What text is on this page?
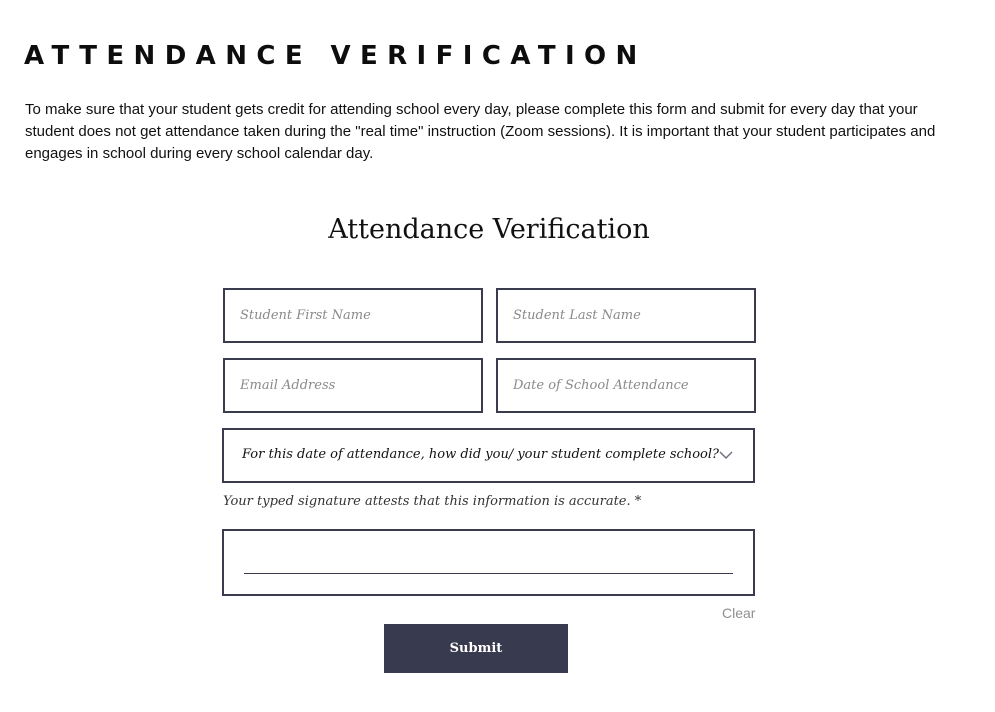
ATTENDANCE VERIFICATION

To make sure that your student gets credit for attending school every day, please complete this form and submit for every day that your student does not get attendance taken during the "real time" instruction (Zoom sessions). It is important that your student participates and engages in school during every school calendar day.

Attendance Verification
Student First Name
Student Last Name
Email Address
Date of School Attendance
For this date of attendance, how did you/ your student complete school?
Your typed signature attests that this information is accurate. *
Clear
Submit
